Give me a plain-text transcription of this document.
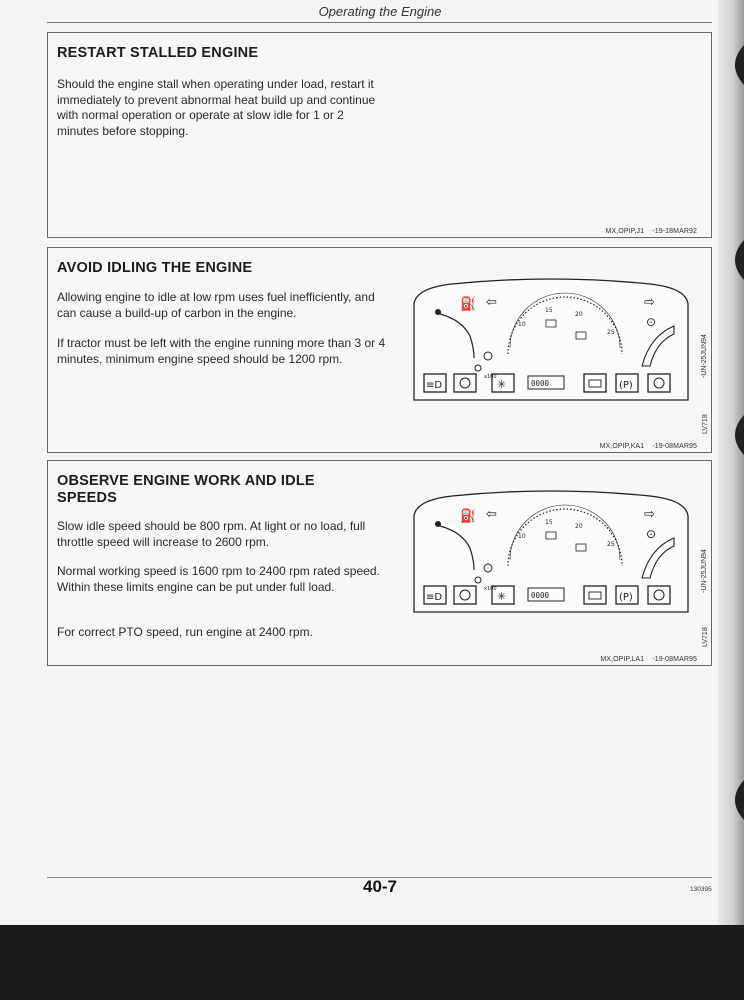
Operating the Engine
RESTART STALLED ENGINE

Should the engine stall when operating under load, restart it immediately to prevent abnormal heat build up and continue with normal operation or operate at slow idle for 1 or 2 minutes before stopping.

MX,OPIP,J1    -19-18MAR92
AVOID IDLING THE ENGINE

Allowing engine to idle at low rpm uses fuel inefficiently, and can cause a build-up of carbon in the engine.

If tractor must be left with the engine running more than 3 or 4 minutes, minimum engine speed should be 1200 rpm.

⛽ ⇦	⇨
x100
10
15
20
25
⊙
≡D	✳	0000	(P)
-UN-25JUN94
LV718
MX,OPIP,KA1    -19-08MAR95
OBSERVE ENGINE WORK AND IDLE SPEEDS

Slow idle speed should be 800 rpm. At light or no load, full throttle speed will increase to 2600 rpm.

Normal working speed is 1600 rpm to 2400 rpm rated speed. Within these limits engine can be put under full load.

For correct PTO speed, run engine at 2400 rpm.

⛽ ⇦	⇨
x100
10
15
20
25
⊙
≡D	✳	0000	(P)
-UN-25JUN94
LV718
MX,OPIP,LA1    -19-08MAR95
40-7	130395
